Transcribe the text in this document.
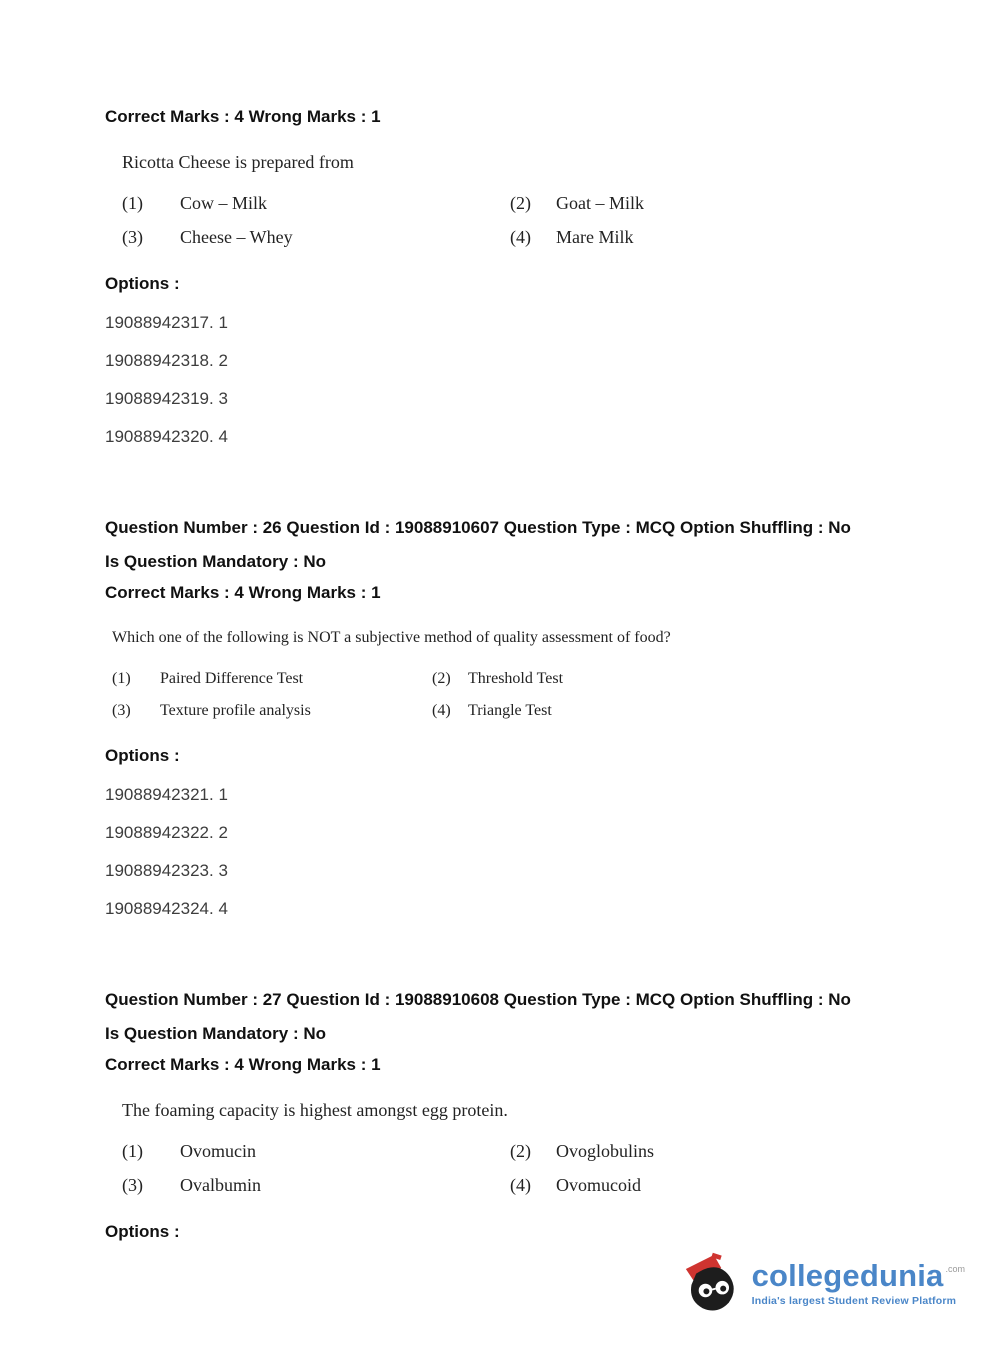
Correct Marks : 4 Wrong Marks : 1

Ricotta Cheese is prepared from

(1)	Cow – Milk	(2)	Goat – Milk
(3)	Cheese – Whey	(4)	Mare Milk

Options :

19088942317. 1

19088942318. 2

19088942319. 3

19088942320. 4

Question Number : 26 Question Id : 19088910607 Question Type : MCQ Option Shuffling : No

Is Question Mandatory : No

Correct Marks : 4 Wrong Marks : 1

Which one of the following is NOT a subjective method of quality assessment of food?

(1)	Paired Difference Test	(2)	Threshold Test
(3)	Texture profile analysis	(4)	Triangle Test

Options :

19088942321. 1

19088942322. 2

19088942323. 3

19088942324. 4

Question Number : 27 Question Id : 19088910608 Question Type : MCQ Option Shuffling : No

Is Question Mandatory : No

Correct Marks : 4 Wrong Marks : 1

The foaming capacity is highest amongst egg protein.

(1)	Ovomucin	(2)	Ovoglobulins
(3)	Ovalbumin	(4)	Ovomucoid

Options :

collegedunia .com
India's largest Student Review Platform
